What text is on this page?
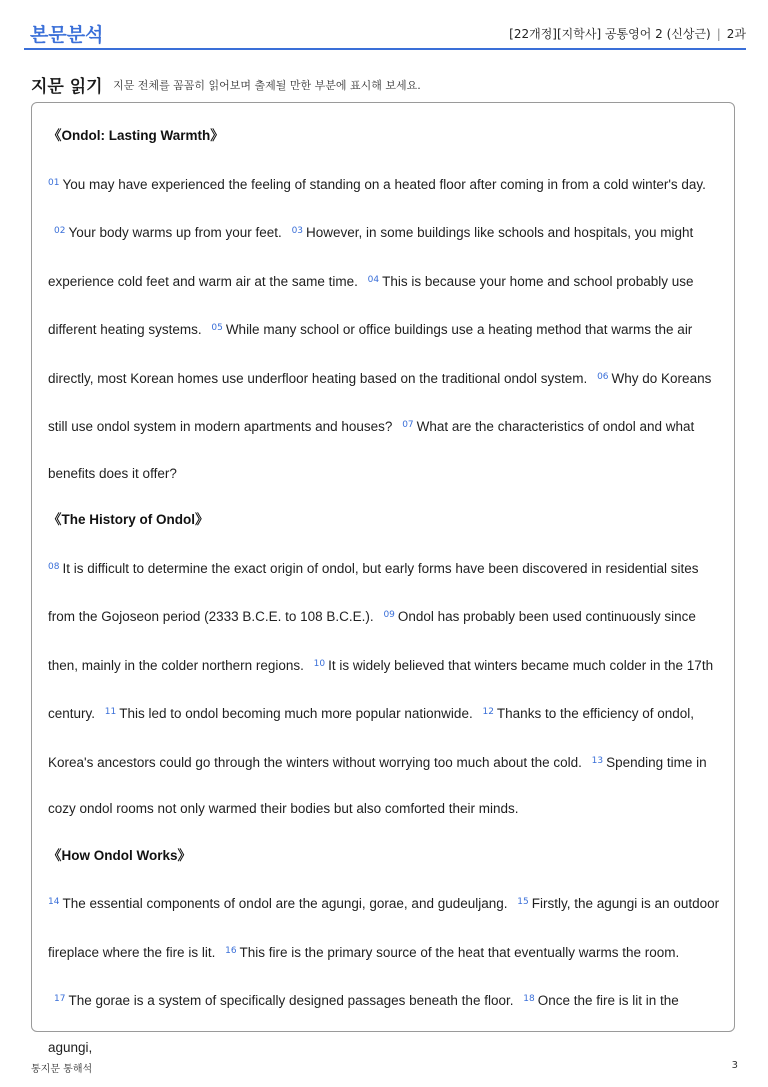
본문분석	[22개정][지학사] 공통영어 2 (신상근) | 2과
지문 읽기 지문 전체를 꼼꼼히 읽어보며 출제될 만한 부분에 표시해 보세요.
《Ondol: Lasting Warmth》
$^{01}$ You may have experienced the feeling of standing on a heated floor after coming in from a cold winter's day. $^{02}$ Your body warms up from your feet. $^{03}$ However, in some buildings like schools and hospitals, you might experience cold feet and warm air at the same time. $^{04}$ This is because your home and school probably use different heating systems. $^{05}$ While many school or office buildings use a heating method that warms the air directly, most Korean homes use underfloor heating based on the traditional ondol system. $^{06}$ Why do Koreans still use ondol system in modern apartments and houses? $^{07}$ What are the characteristics of ondol and what benefits does it offer?
《The History of Ondol》
$^{08}$ It is difficult to determine the exact origin of ondol, but early forms have been discovered in residential sites from the Gojoseon period (2333 B.C.E. to 108 B.C.E.). $^{09}$ Ondol has probably been used continuously since then, mainly in the colder northern regions. $^{10}$ It is widely believed that winters became much colder in the 17th century. $^{11}$ This led to ondol becoming much more popular nationwide. $^{12}$ Thanks to the efficiency of ondol, Korea's ancestors could go through the winters without worrying too much about the cold. $^{13}$ Spending time in cozy ondol rooms not only warmed their bodies but also comforted their minds.
《How Ondol Works》
$^{14}$ The essential components of ondol are the agungi, gorae, and gudeuljang. $^{15}$ Firstly, the agungi is an outdoor fireplace where the fire is lit. $^{16}$ This fire is the primary source of the heat that eventually warms the room. $^{17}$ The gorae is a system of specifically designed passages beneath the floor. $^{18}$ Once the fire is lit in the agungi,
통지문 통해석	3
